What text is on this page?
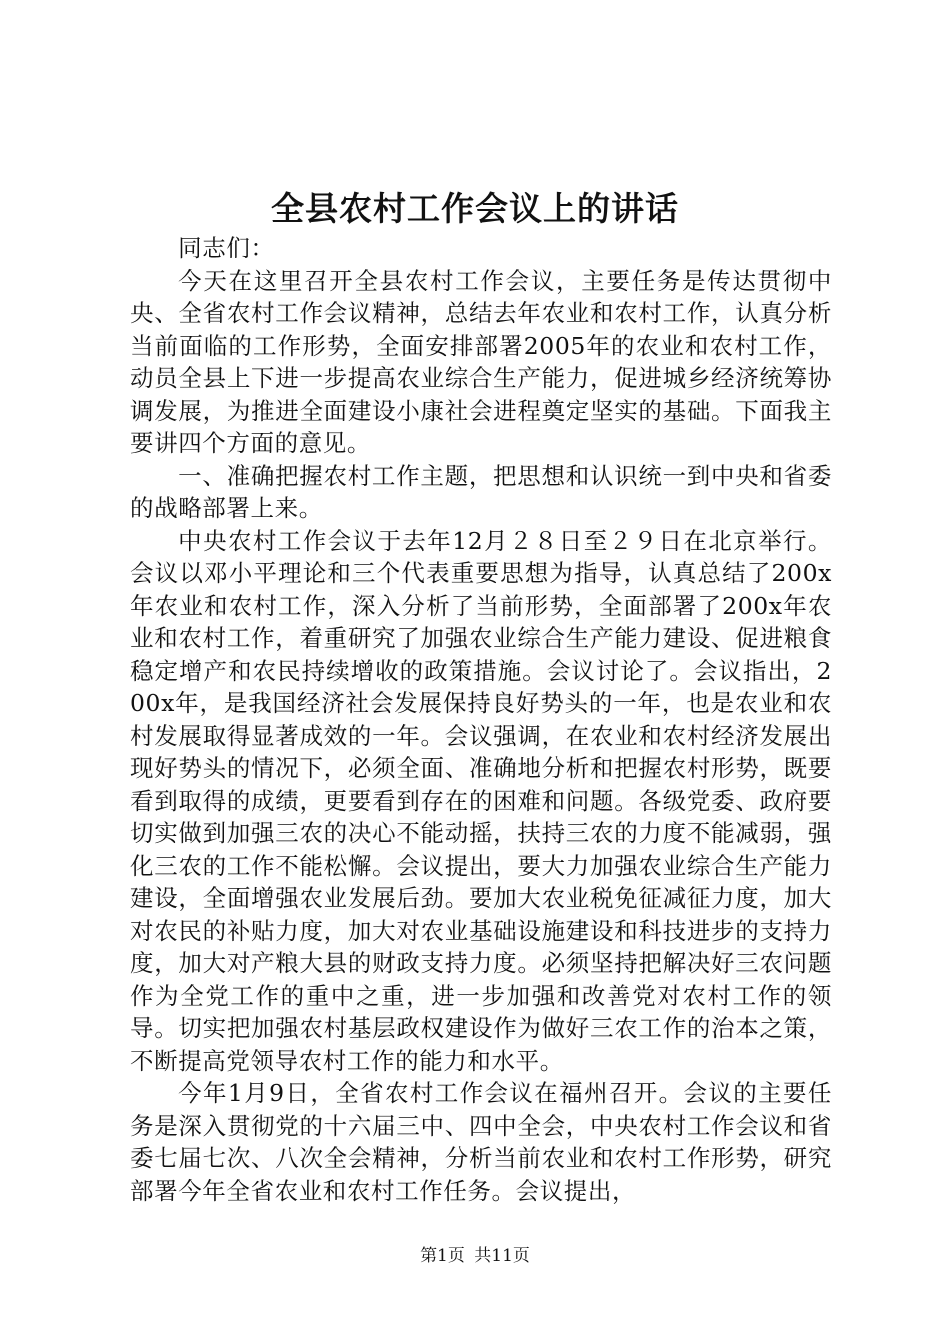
全县农村工作会议上的讲话

同志们：

今天在这里召开全县农村工作会议，主要任务是传达贯彻中央、全省农村工作会议精神，总结去年农业和农村工作，认真分析当前面临的工作形势，全面安排部署2005年的农业和农村工作，动员全县上下进一步提高农业综合生产能力，促进城乡经济统筹协调发展，为推进全面建设小康社会进程奠定坚实的基础。下面我主要讲四个方面的意见。

一、准确把握农村工作主题，把思想和认识统一到中央和省委的战略部署上来。

中央农村工作会议于去年12月２８日至２９日在北京举行。会议以邓小平理论和三个代表重要思想为指导，认真总结了200x年农业和农村工作，深入分析了当前形势，全面部署了200x年农业和农村工作，着重研究了加强农业综合生产能力建设、促进粮食稳定增产和农民持续增收的政策措施。会议讨论了。会议指出，200x年，是我国经济社会发展保持良好势头的一年，也是农业和农村发展取得显著成效的一年。会议强调，在农业和农村经济发展出现好势头的情况下，必须全面、准确地分析和把握农村形势，既要看到取得的成绩，更要看到存在的困难和问题。各级党委、政府要切实做到加强三农的决心不能动摇，扶持三农的力度不能减弱，强化三农的工作不能松懈。会议提出，要大力加强农业综合生产能力建设，全面增强农业发展后劲。要加大农业税免征减征力度，加大对农民的补贴力度，加大对农业基础设施建设和科技进步的支持力度，加大对产粮大县的财政支持力度。必须坚持把解决好三农问题作为全党工作的重中之重，进一步加强和改善党对农村工作的领导。切实把加强农村基层政权建设作为做好三农工作的治本之策，不断提高党领导农村工作的能力和水平。

今年1月9日，全省农村工作会议在福州召开。会议的主要任务是深入贯彻党的十六届三中、四中全会，中央农村工作会议和省委七届七次、八次全会精神，分析当前农业和农村工作形势，研究部署今年全省农业和农村工作任务。会议提出，

第1页 共11页
